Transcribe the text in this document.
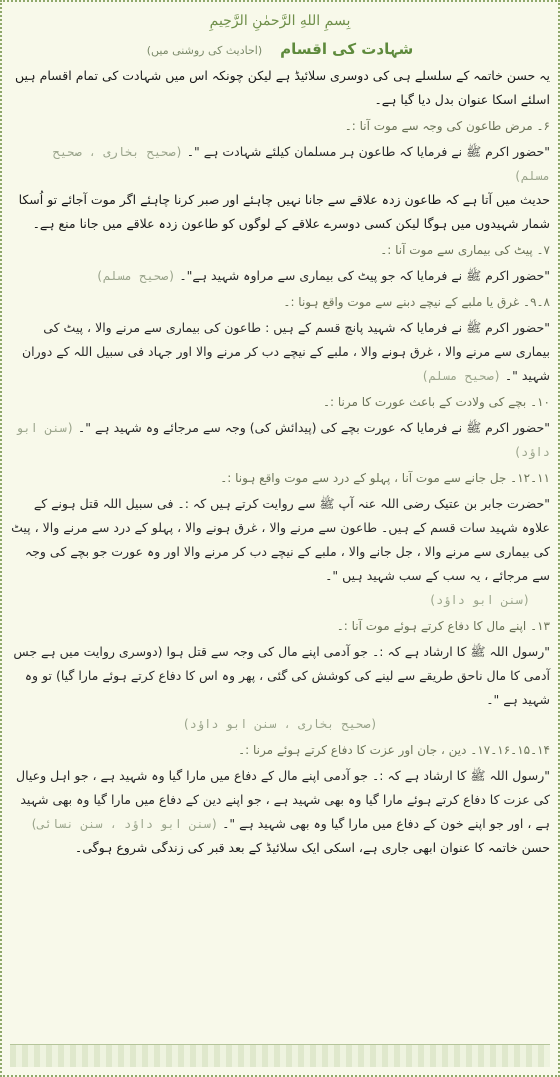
بِسمِ اللهِ الرَّحمٰنِ الرَّحِيمِ
شہادت کی اقسام (احادیث کی روشنی میں)

یہ حسن خاتمہ کے سلسلے ہی کی دوسری سلائیڈ ہے لیکن چونکہ اس میں شہادت کی تمام اقسام ہیں اسلئے اسکا عنوان بدل دیا گیا ہے۔

۶۔ مرض طاعون کی وجہ سے موت آنا :۔

"حضور اکرم ﷺ نے فرمایا کہ طاعون ہر مسلمان کیلئے شہادت ہے "۔ (صحیح بخاری ، صحیح مسلم)

حدیث میں آتا ہے کہ طاعون زدہ علاقے سے جانا نہیں چاہئے اور صبر کرنا چاہئے اگر موت آجائے تو اُسکا شمار شہیدوں میں ہوگا لیکن کسی دوسرے علاقے کے لوگوں کو طاعون زدہ علاقے میں جانا منع ہے۔

۷۔ پیٹ کی بیماری سے موت آنا :۔

"حضور اکرم ﷺ نے فرمایا کہ جو پیٹ کی بیماری سے مراوہ شہید ہے"۔ (صحیح مسلم)

۸۔۹۔ غرق یا ملبے کے نیچے دبنے سے موت واقع ہونا :۔

"حضور اکرم ﷺ نے فرمایا کہ شہید پانچ قسم کے ہیں : طاعون کی بیماری سے مرنے والا ، پیٹ کی بیماری سے مرنے والا ، غرق ہونے والا ، ملبے کے نیچے دب کر مرنے والا اور جہاد فی سبیل اللہ کے دوران شہید "۔ (صحیح مسلم)

۱۰۔ بچے کی ولادت کے باعث عورت کا مرنا :۔

"حضور اکرم ﷺ نے فرمایا کہ عورت بچے کی (پیدائش کی) وجہ سے مرجائے وہ شہید ہے "۔ (سنن ابو داؤد)

۱۱۔۱۲۔ جل جانے سے موت آنا ، پہلو کے درد سے موت واقع ہونا :۔

"حضرت جابر بن عتیک رضی اللہ عنہ آپ ﷺ سے روایت کرتے ہیں کہ :۔ فی سبیل اللہ قتل ہونے کے علاوہ شہید سات قسم کے ہیں۔ طاعون سے مرنے والا ، غرق ہونے والا ، پہلو کے درد سے مرنے والا ، پیٹ کی بیماری سے مرنے والا ، جل جانے والا ، ملبے کے نیچے دب کر مرنے والا اور وہ عورت جو بچے کی وجہ سے مرجائے ، یہ سب کے سب شہید ہیں "۔

(سنن ابو داؤد)
۱۳۔ اپنے مال کا دفاع کرتے ہوئے موت آنا :۔

"رسول اللہ ﷺ کا ارشاد ہے کہ :۔ جو آدمی اپنے مال کی وجہ سے قتل ہوا (دوسری روایت میں ہے جس آدمی کا مال ناحق طریقے سے لینے کی کوشش کی گئی ، پھر وہ اس کا دفاع کرتے ہوئے مارا گیا) تو وہ شہید ہے "۔

(صحیح بخاری ، سنن ابو داؤد)
۱۴۔۱۵۔۱۶۔۱۷۔ دین ، جان اور عزت کا دفاع کرتے ہوئے مرنا :۔

"رسول اللہ ﷺ کا ارشاد ہے کہ :۔ جو آدمی اپنے مال کے دفاع میں مارا گیا وہ شہید ہے ، جو اہل وعیال کی عزت کا دفاع کرتے ہوئے مارا گیا وہ بھی شہید ہے ، جو اپنے دین کے دفاع میں مارا گیا وہ بھی شہید ہے ، اور جو اپنے خون کے دفاع میں مارا گیا وہ بھی شہید ہے "۔ (سنن ابو داؤد ، سنن نسائی)

حسن خاتمہ کا عنوان ابھی جاری ہے، اسکی ایک سلائیڈ کے بعد قبر کی زندگی شروع ہوگی۔
